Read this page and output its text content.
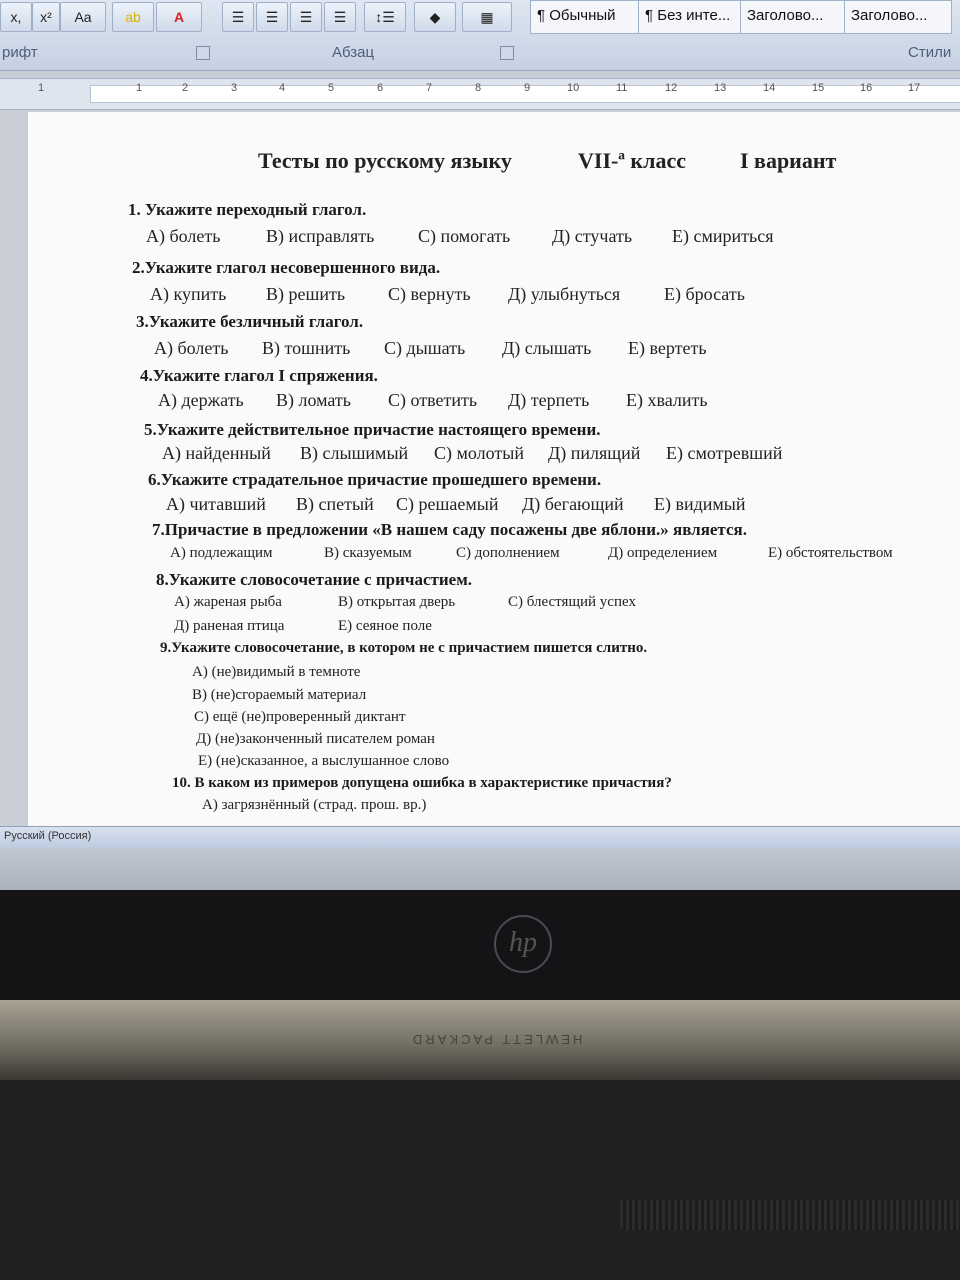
x,	x²	Aa	ab	A	☰	☰	☰	☰	↕☰	◆	▦	¶ Обычный	¶ Без инте...	Заголово...	Заголово...
рифт	Абзац	Стили
1	1	2	3	4	5	6	7	8	9	10	11	12	13	14	15	16	17
Тесты по русскому языку	VII-ª класс I вариант
1. Укажите переходный глагол.
А) болеть	В) исправлять С) помогать Д) стучать Е) смириться
2.Укажите глагол несовершенного вида.
А) купить В) решить С) вернуть Д) улыбнуться Е) бросать
3.Укажите безличный глагол.
А) болеть В) тошнить С) дышать Д) слышать Е) вертеть
4.Укажите глагол I спряжения.
А) держать В) ломать С) ответить Д) терпеть Е) хвалить
5.Укажите действительное причастие настоящего времени.
А) найденный В) слышимый С) молотый Д) пилящий Е) смотревший
6.Укажите страдательное причастие прошедшего времени.
А) читавший В) спетый С) решаемый Д) бегающий Е) видимый
7.Причастие в предложении «В нашем саду посажены две яблони.» является.
А) подлежащим	В) сказуемым	С) дополнением	Д) определением	Е) обстоятельством
8.Укажите словосочетание с причастием.
А) жареная рыба	В) открытая дверь	С) блестящий успех
Д) раненая птица	Е) сеяное поле
9.Укажите словосочетание, в котором не с причастием пишется слитно.
А) (не)видимый в темноте
В) (не)сгораемый материал
С) ещё (не)проверенный диктант
Д) (не)законченный писателем роман
Е) (не)сказанное, а выслушанное слово
10. В каком из примеров допущена ошибка в характеристике причастия?
А) загрязнённый (страд. прош. вр.)
Русский (Россия)
hp
HEWLETT PACKARD
